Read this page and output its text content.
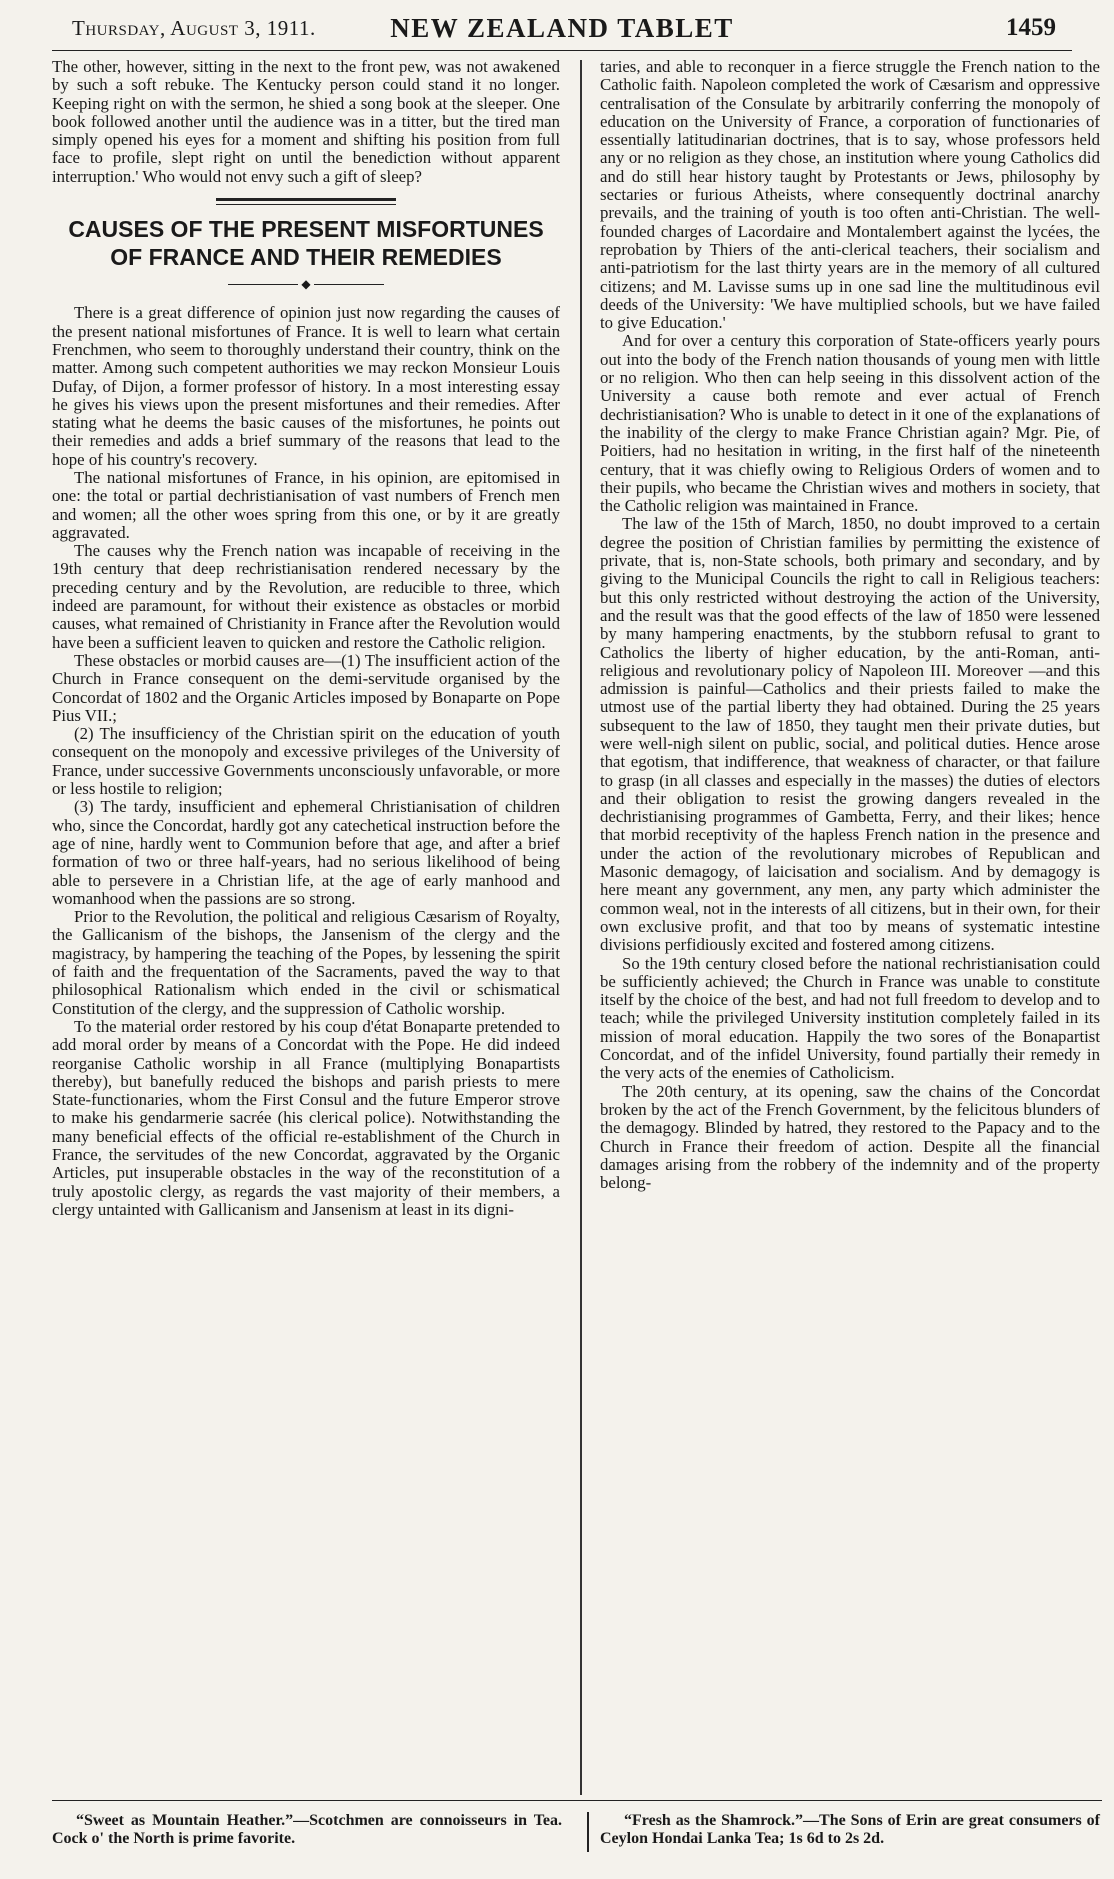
Thursday, August 3, 1911.	NEW ZEALAND TABLET	1459

The other, however, sitting in the next to the front pew, was not awakened by such a soft rebuke. The Kentucky person could stand it no longer. Keeping right on with the sermon, he shied a song book at the sleeper. One book followed another until the audience was in a titter, but the tired man simply opened his eyes for a moment and shifting his position from full face to profile, slept right on until the benediction without apparent interruption.' Who would not envy such a gift of sleep?

CAUSES OF THE PRESENT MISFORTUNES OF FRANCE AND THEIR REMEDIES
◆

There is a great difference of opinion just now regarding the causes of the present national misfortunes of France. It is well to learn what certain Frenchmen, who seem to thoroughly understand their country, think on the matter. Among such competent authorities we may reckon Monsieur Louis Dufay, of Dijon, a former professor of history. In a most interesting essay he gives his views upon the present misfortunes and their remedies. After stating what he deems the basic causes of the misfortunes, he points out their remedies and adds a brief summary of the reasons that lead to the hope of his country's recovery.

The national misfortunes of France, in his opinion, are epitomised in one: the total or partial dechristianisation of vast numbers of French men and women; all the other woes spring from this one, or by it are greatly aggravated.

The causes why the French nation was incapable of receiving in the 19th century that deep rechristianisation rendered necessary by the preceding century and by the Revolution, are reducible to three, which indeed are paramount, for without their existence as obstacles or morbid causes, what remained of Christianity in France after the Revolution would have been a sufficient leaven to quicken and restore the Catholic religion.

These obstacles or morbid causes are—(1) The insufficient action of the Church in France consequent on the demi-servitude organised by the Concordat of 1802 and the Organic Articles imposed by Bonaparte on Pope Pius VII.;

(2) The insufficiency of the Christian spirit on the education of youth consequent on the monopoly and excessive privileges of the University of France, under successive Governments unconsciously unfavorable, or more or less hostile to religion;

(3) The tardy, insufficient and ephemeral Christianisation of children who, since the Concordat, hardly got any catechetical instruction before the age of nine, hardly went to Communion before that age, and after a brief formation of two or three half-years, had no serious likelihood of being able to persevere in a Christian life, at the age of early manhood and womanhood when the passions are so strong.

Prior to the Revolution, the political and religious Cæsarism of Royalty, the Gallicanism of the bishops, the Jansenism of the clergy and the magistracy, by hampering the teaching of the Popes, by lessening the spirit of faith and the frequentation of the Sacraments, paved the way to that philosophical Rationalism which ended in the civil or schismatical Constitution of the clergy, and the suppression of Catholic worship.

To the material order restored by his coup d'état Bonaparte pretended to add moral order by means of a Concordat with the Pope. He did indeed reorganise Catholic worship in all France (multiplying Bonapartists thereby), but banefully reduced the bishops and parish priests to mere State-functionaries, whom the First Consul and the future Emperor strove to make his gendarmerie sacrée (his clerical police). Notwithstanding the many beneficial effects of the official re-establishment of the Church in France, the servitudes of the new Concordat, aggravated by the Organic Articles, put insuperable obstacles in the way of the reconstitution of a truly apostolic clergy, as regards the vast majority of their members, a clergy untainted with Gallicanism and Jansenism at least in its digni-

taries, and able to reconquer in a fierce struggle the French nation to the Catholic faith. Napoleon completed the work of Cæsarism and oppressive centralisation of the Consulate by arbitrarily conferring the monopoly of education on the University of France, a corporation of functionaries of essentially latitudinarian doctrines, that is to say, whose professors held any or no religion as they chose, an institution where young Catholics did and do still hear history taught by Protestants or Jews, philosophy by sectaries or furious Atheists, where consequently doctrinal anarchy prevails, and the training of youth is too often anti-Christian. The well-founded charges of Lacordaire and Montalembert against the lycées, the reprobation by Thiers of the anti-clerical teachers, their socialism and anti-patriotism for the last thirty years are in the memory of all cultured citizens; and M. Lavisse sums up in one sad line the multitudinous evil deeds of the University: 'We have multiplied schools, but we have failed to give Education.'

And for over a century this corporation of State-officers yearly pours out into the body of the French nation thousands of young men with little or no religion. Who then can help seeing in this dissolvent action of the University a cause both remote and ever actual of French dechristianisation? Who is unable to detect in it one of the explanations of the inability of the clergy to make France Christian again? Mgr. Pie, of Poitiers, had no hesitation in writing, in the first half of the nineteenth century, that it was chiefly owing to Religious Orders of women and to their pupils, who became the Christian wives and mothers in society, that the Catholic religion was maintained in France.

The law of the 15th of March, 1850, no doubt improved to a certain degree the position of Christian families by permitting the existence of private, that is, non-State schools, both primary and secondary, and by giving to the Municipal Councils the right to call in Religious teachers: but this only restricted without destroying the action of the University, and the result was that the good effects of the law of 1850 were lessened by many hampering enactments, by the stubborn refusal to grant to Catholics the liberty of higher education, by the anti-Roman, anti-religious and revolutionary policy of Napoleon III. Moreover —and this admission is painful—Catholics and their priests failed to make the utmost use of the partial liberty they had obtained. During the 25 years subsequent to the law of 1850, they taught men their private duties, but were well-nigh silent on public, social, and political duties. Hence arose that egotism, that indifference, that weakness of character, or that failure to grasp (in all classes and especially in the masses) the duties of electors and their obligation to resist the growing dangers revealed in the dechristianising programmes of Gambetta, Ferry, and their likes; hence that morbid receptivity of the hapless French nation in the presence and under the action of the revolutionary microbes of Republican and Masonic demagogy, of laicisation and socialism. And by demagogy is here meant any government, any men, any party which administer the common weal, not in the interests of all citizens, but in their own, for their own exclusive profit, and that too by means of systematic intestine divisions perfidiously excited and fostered among citizens.

So the 19th century closed before the national rechristianisation could be sufficiently achieved; the Church in France was unable to constitute itself by the choice of the best, and had not full freedom to develop and to teach; while the privileged University institution completely failed in its mission of moral education. Happily the two sores of the Bonapartist Concordat, and of the infidel University, found partially their remedy in the very acts of the enemies of Catholicism.

The 20th century, at its opening, saw the chains of the Concordat broken by the act of the French Government, by the felicitous blunders of the demagogy. Blinded by hatred, they restored to the Papacy and to the Church in France their freedom of action. Despite all the financial damages arising from the robbery of the indemnity and of the property belong-

“Sweet as Mountain Heather.”—Scotchmen are connoisseurs in Tea. Cock o' the North is prime favorite.

“Fresh as the Shamrock.”—The Sons of Erin are great consumers of Ceylon Hondai Lanka Tea; 1s 6d to 2s 2d.
